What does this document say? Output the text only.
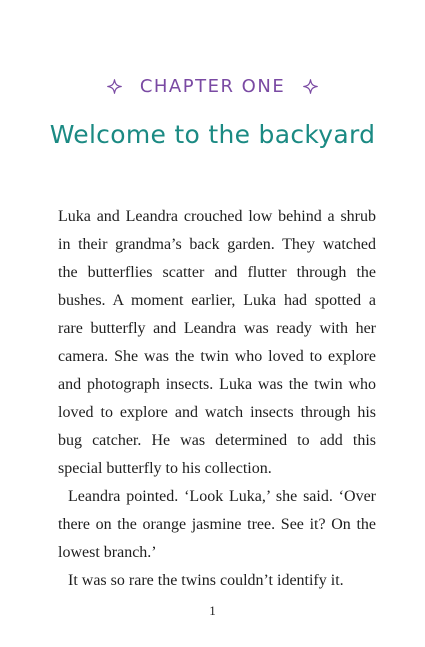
CHAPTER ONE
Welcome to the backyard

Luka and Leandra crouched low behind a shrub in their grandma’s back garden. They watched the butterflies scatter and flutter through the bushes. A moment earlier, Luka had spotted a rare butterfly and Leandra was ready with her camera. She was the twin who loved to explore and photograph insects. Luka was the twin who loved to explore and watch insects through his bug catcher. He was determined to add this special butterfly to his collection.

Leandra pointed. ‘Look Luka,’ she said. ‘Over there on the orange jasmine tree. See it? On the lowest branch.’

It was so rare the twins couldn’t identify it.

1
